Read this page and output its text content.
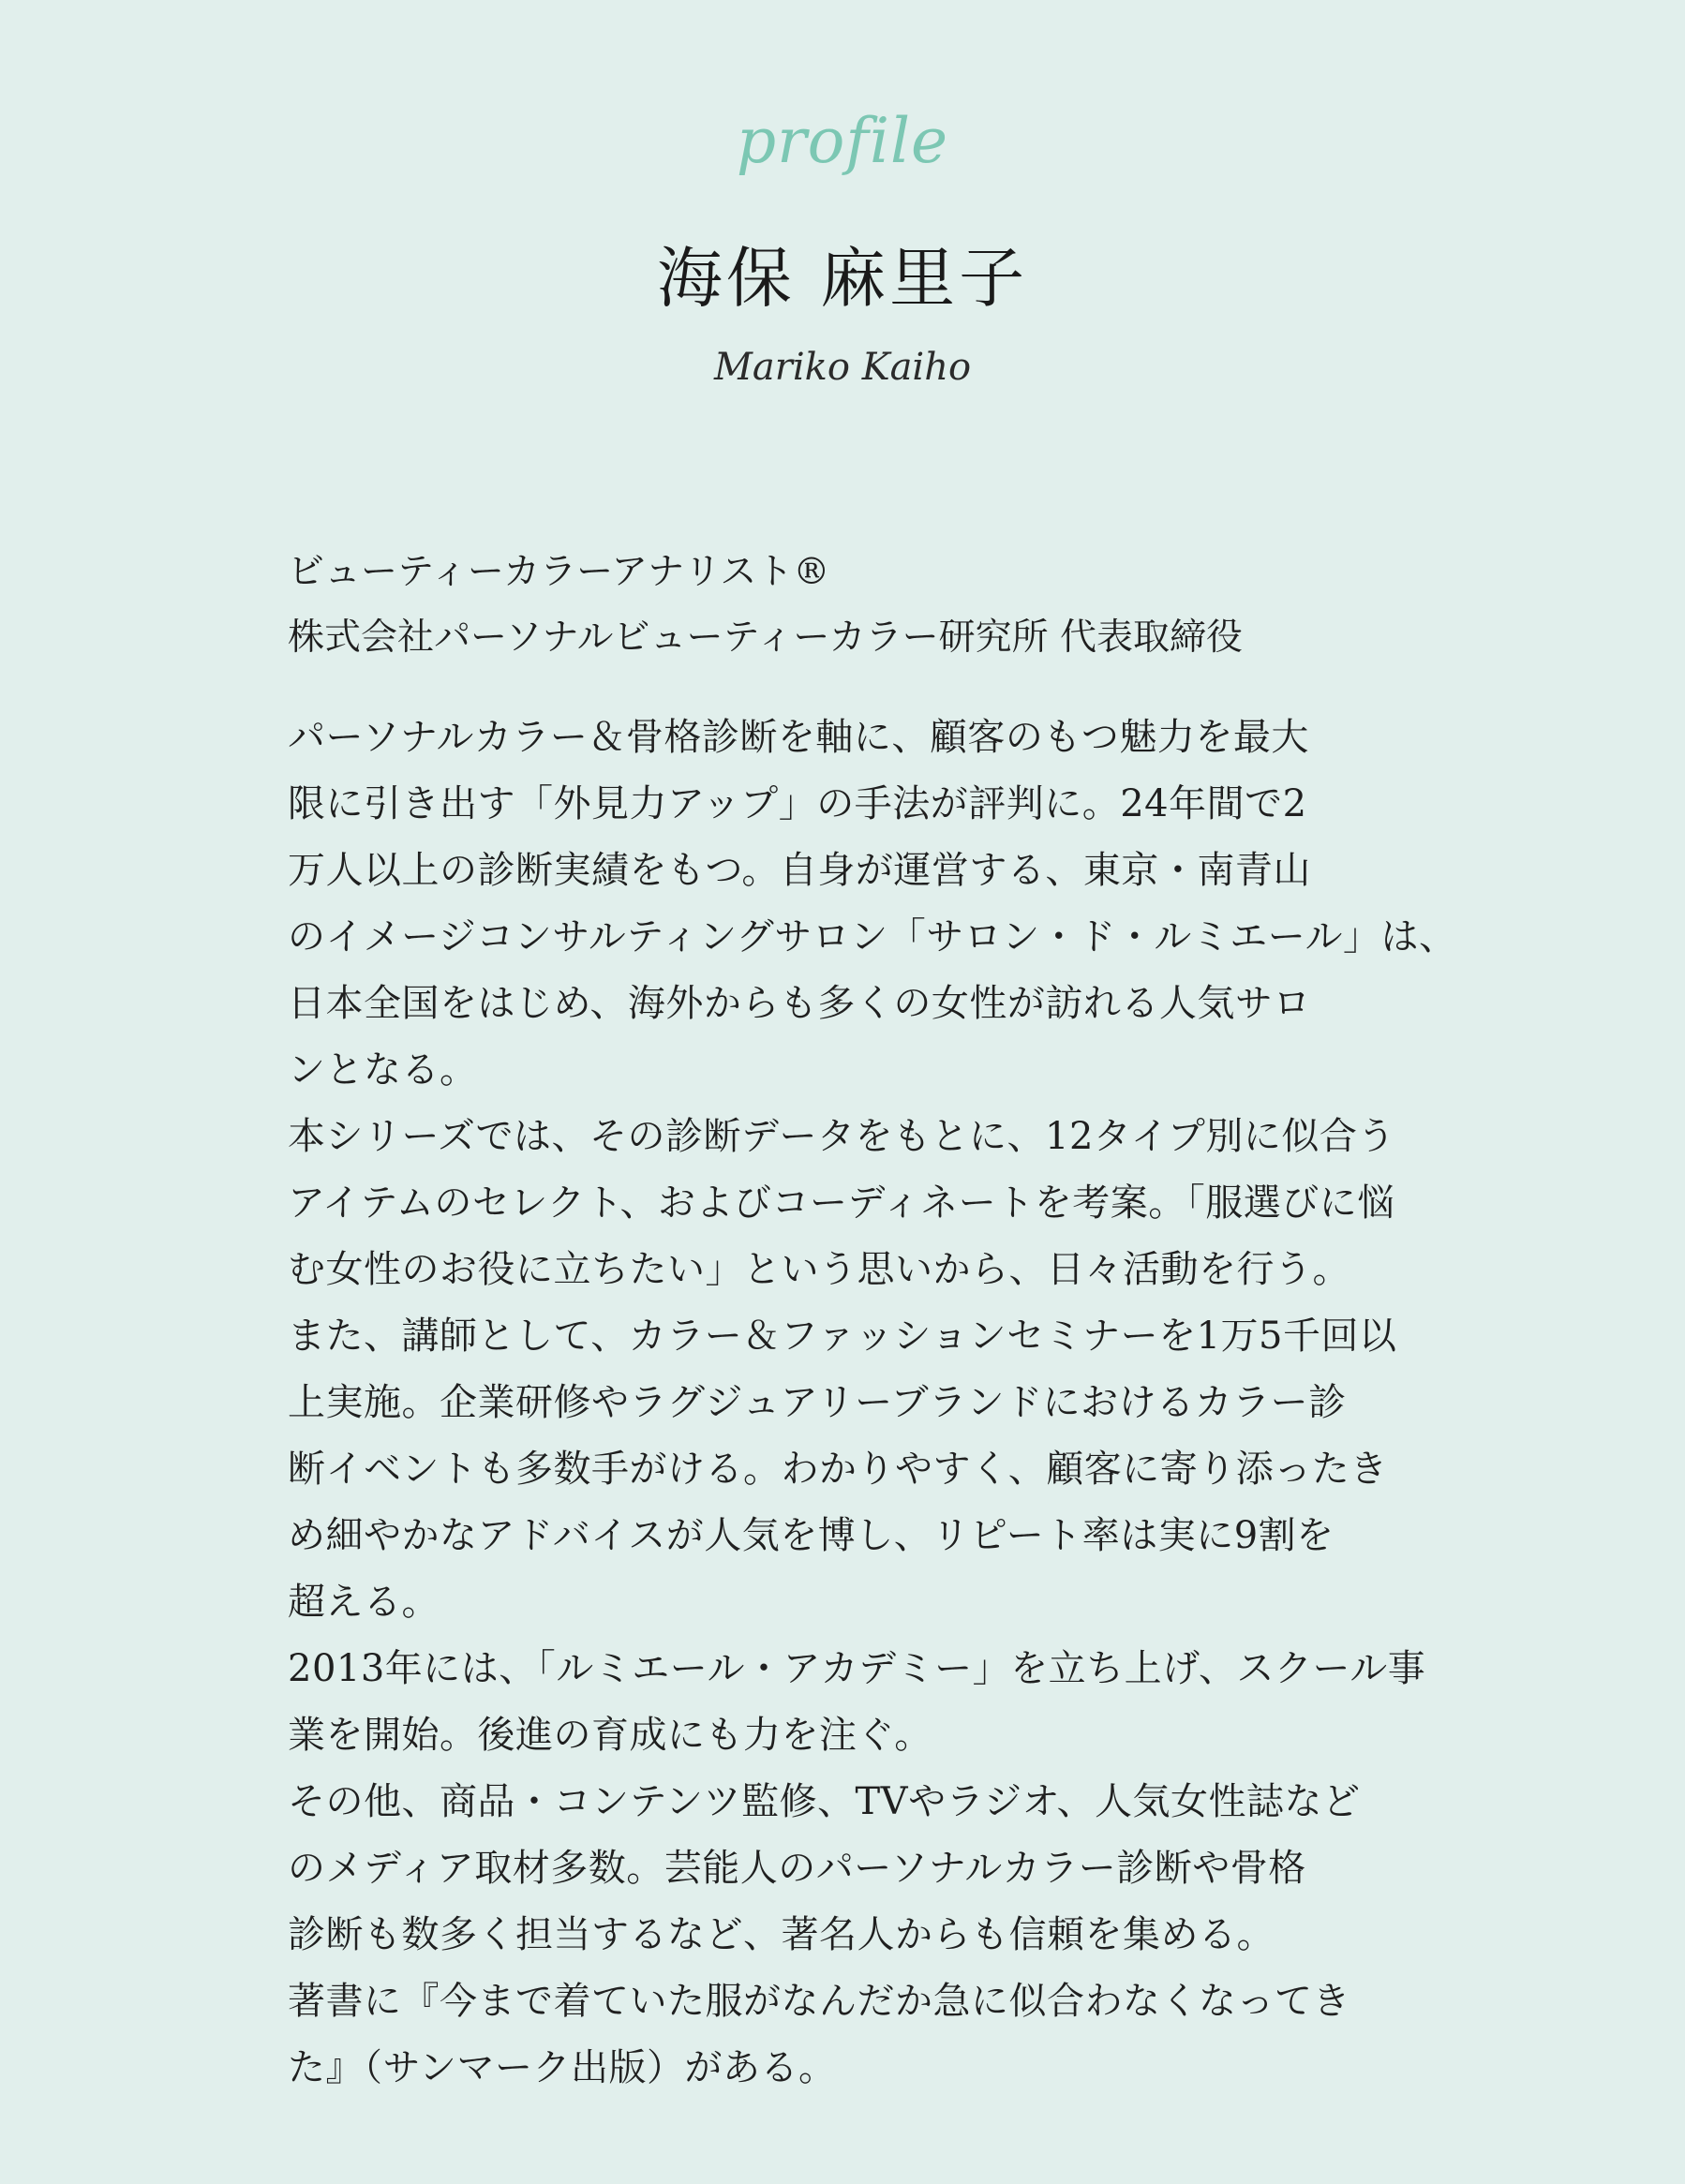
profile
海保 麻里子
Mariko Kaiho
ビューティーカラーアナリスト®
株式会社パーソナルビューティーカラー研究所 代表取締役
パーソナルカラー＆骨格診断を軸に、顧客のもつ魅力を最大
限に引き出す「外見力アップ」の手法が評判に。24年間で2
万人以上の診断実績をもつ。自身が運営する、東京・南青山
のイメージコンサルティングサロン「サロン・ド・ルミエール」は、
日本全国をはじめ、海外からも多くの女性が訪れる人気サロ
ンとなる。
本シリーズでは、その診断データをもとに、12タイプ別に似合う
アイテムのセレクト、およびコーディネートを考案。「服選びに悩
む女性のお役に立ちたい」という思いから、日々活動を行う。
また、講師として、カラー＆ファッションセミナーを1万5千回以
上実施。企業研修やラグジュアリーブランドにおけるカラー診
断イベントも多数手がける。わかりやすく、顧客に寄り添ったき
め細やかなアドバイスが人気を博し、リピート率は実に9割を
超える。
2013年には、「ルミエール・アカデミー」を立ち上げ、スクール事
業を開始。後進の育成にも力を注ぐ。
その他、商品・コンテンツ監修、TVやラジオ、人気女性誌など
のメディア取材多数。芸能人のパーソナルカラー診断や骨格
診断も数多く担当するなど、著名人からも信頼を集める。
著書に『今まで着ていた服がなんだか急に似合わなくなってき
た』（サンマーク出版）がある。
